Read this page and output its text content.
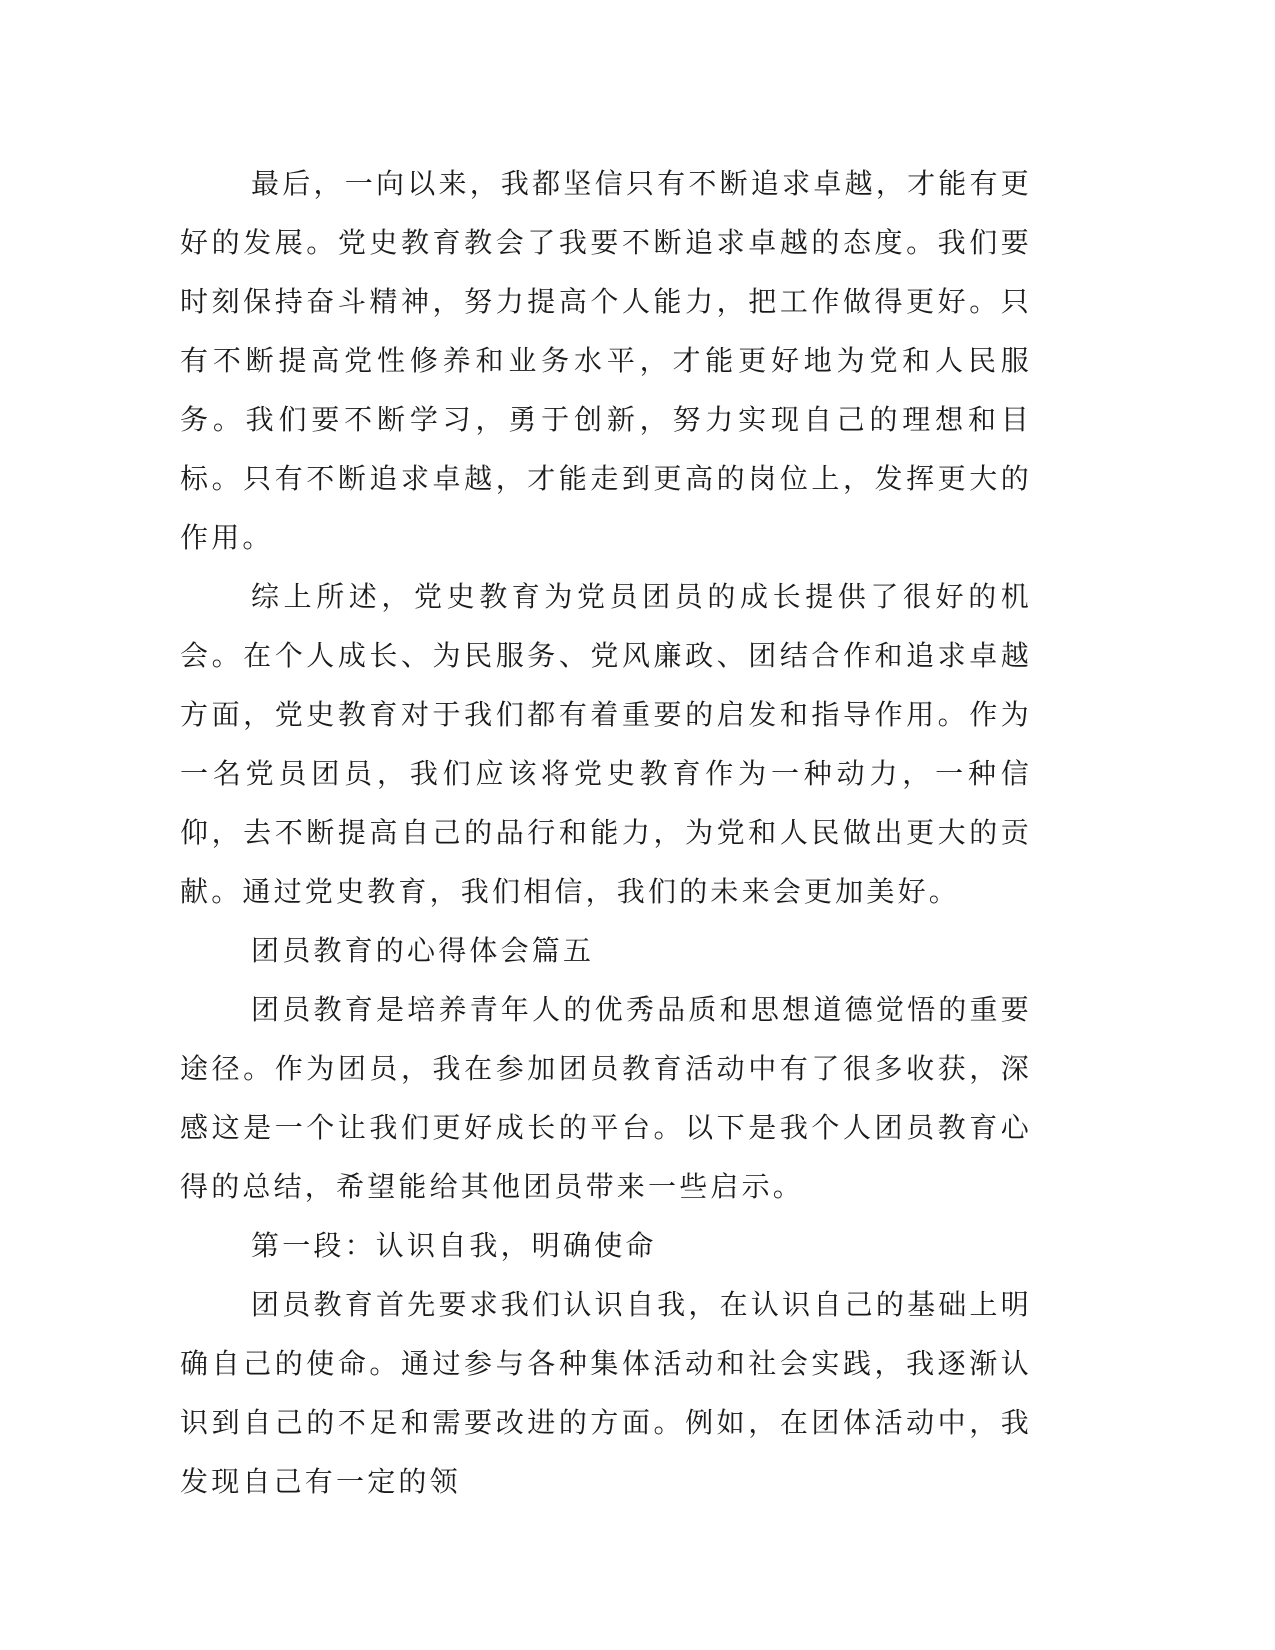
最后，一向以来，我都坚信只有不断追求卓越，才能有更好的发展。党史教育教会了我要不断追求卓越的态度。我们要时刻保持奋斗精神，努力提高个人能力，把工作做得更好。只有不断提高党性修养和业务水平，才能更好地为党和人民服务。我们要不断学习，勇于创新，努力实现自己的理想和目标。只有不断追求卓越，才能走到更高的岗位上，发挥更大的作用。

综上所述，党史教育为党员团员的成长提供了很好的机会。在个人成长、为民服务、党风廉政、团结合作和追求卓越方面，党史教育对于我们都有着重要的启发和指导作用。作为一名党员团员，我们应该将党史教育作为一种动力，一种信仰，去不断提高自己的品行和能力，为党和人民做出更大的贡献。通过党史教育，我们相信，我们的未来会更加美好。

团员教育的心得体会篇五

团员教育是培养青年人的优秀品质和思想道德觉悟的重要途径。作为团员，我在参加团员教育活动中有了很多收获，深感这是一个让我们更好成长的平台。以下是我个人团员教育心得的总结，希望能给其他团员带来一些启示。

第一段：认识自我，明确使命

团员教育首先要求我们认识自我，在认识自己的基础上明确自己的使命。通过参与各种集体活动和社会实践，我逐渐认识到自己的不足和需要改进的方面。例如，在团体活动中，我发现自己有一定的领
